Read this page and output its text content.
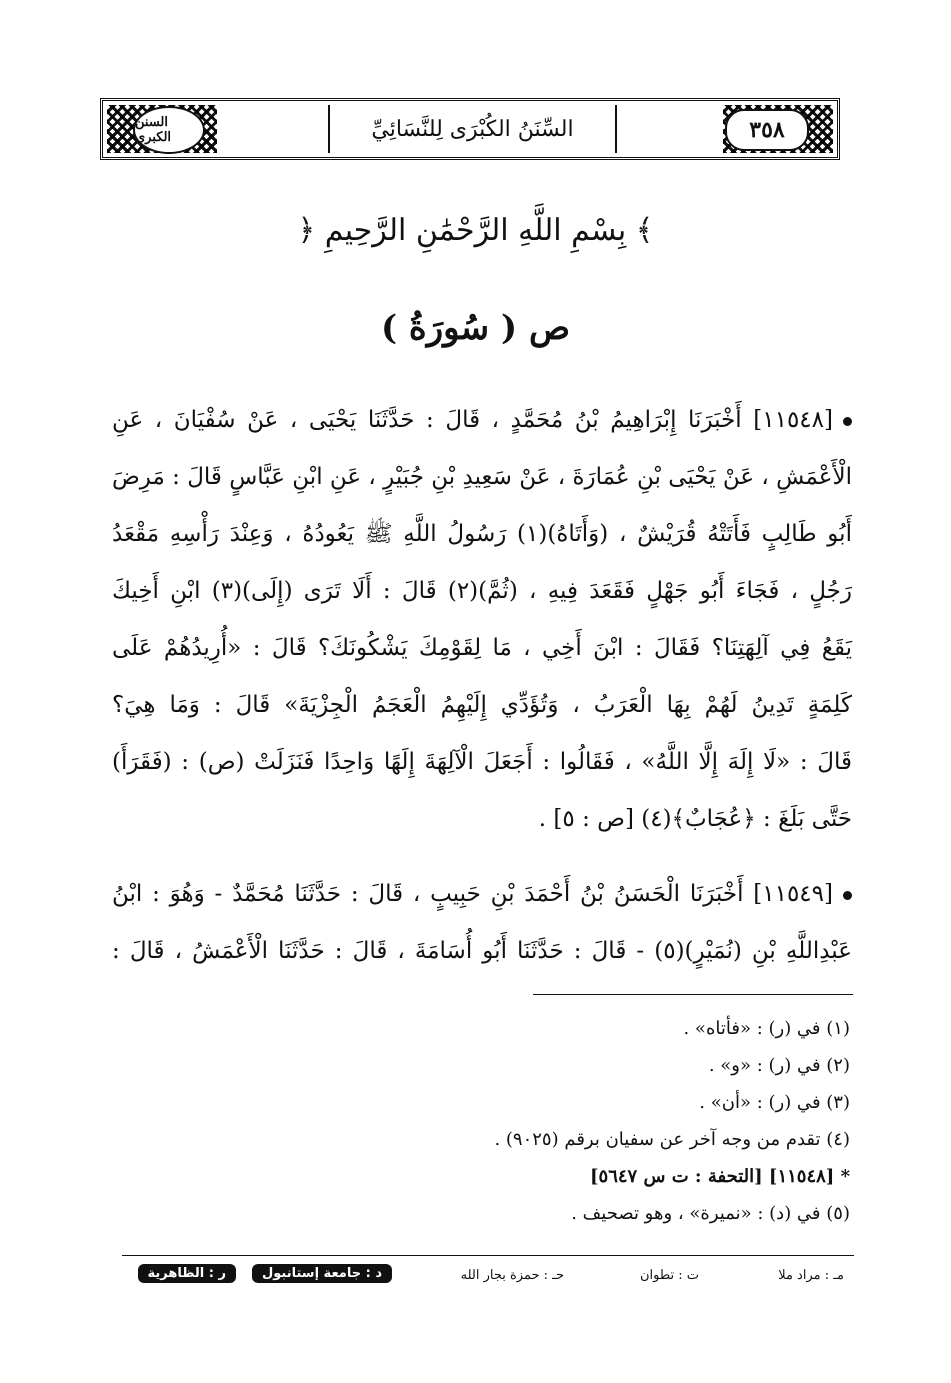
السنن الكبرى	السِّنَنُ الكُبْرَى لِلنَّسَائِيِّ	٣٥٨
﴿ بِسْمِ اللَّهِ الرَّحْمَٰنِ الرَّحِيمِ ﴾
( سُورَةُ ) ص
[١١٥٤٨] أَخْبَرَنَا إِبْرَاهِيمُ بْنُ مُحَمَّدٍ ، قَالَ : حَدَّثَنَا يَحْيَى ، عَنْ سُفْيَانَ ، عَنِ
الْأَعْمَشِ ، عَنْ يَحْيَى بْنِ عُمَارَةَ ، عَنْ سَعِيدِ بْنِ جُبَيْرٍ ، عَنِ ابْنِ عَبَّاسٍ قَالَ : مَرِضَ
أَبُو طَالِبٍ فَأَتَتْهُ قُرَيْشٌ ، (وَأَتَاهُ)(١) رَسُولُ اللَّهِ ﷺ يَعُودُهُ ، وَعِنْدَ رَأْسِهِ مَقْعَدُ
رَجُلٍ ، فَجَاءَ أَبُو جَهْلٍ فَقَعَدَ فِيهِ ، (ثُمَّ)(٢) قَالَ : أَلَا تَرَى (إِلَى)(٣) ابْنِ أَخِيكَ
يَقَعُ فِي آلِهَتِنَا؟ فَقَالَ : ابْنَ أَخِي ، مَا لِقَوْمِكَ يَشْكُونَكَ؟ قَالَ : «أُرِيدُهُمْ عَلَى
كَلِمَةٍ تَدِينُ لَهُمْ بِهَا الْعَرَبُ ، وَتُؤَدِّي إِلَيْهِمُ الْعَجَمُ الْجِزْيَةَ» قَالَ : وَمَا هِيَ؟
قَالَ : «لَا إِلَهَ إِلَّا اللَّهُ» ، فَقَالُوا : أَجَعَلَ الْآلِهَةَ إِلَهًا وَاحِدًا فَنَزَلَتْ (ص) : (فَقَرَأَ)
حَتَّى بَلَغَ : ﴿عُجَابٌ﴾(٤) [ص : ٥] .
[١١٥٤٩] أَخْبَرَنَا الْحَسَنُ بْنُ أَحْمَدَ بْنِ حَبِيبٍ ، قَالَ : حَدَّثَنَا مُحَمَّدٌ - وَهُوَ : ابْنُ
عَبْدِاللَّهِ بْنِ (نُمَيْرٍ)(٥) - قَالَ : حَدَّثَنَا أَبُو أُسَامَةَ ، قَالَ : حَدَّثَنَا الْأَعْمَشُ ، قَالَ :
(١) في (ر) : «فأتاه» .
(٢) في (ر) : «و» .
(٣) في (ر) : «أن» .
(٤) تقدم من وجه آخر عن سفيان برقم (٩٠٢٥) .
* [١١٥٤٨] [التحفة : ت س ٥٦٤٧]
(٥) في (د) : «نميرة» ، وهو تصحيف .
مـ : مراد ملا
ت : تطوان
حـ : حمزة بجار الله
د : جامعة إستانبول
ر : الظاهرية
